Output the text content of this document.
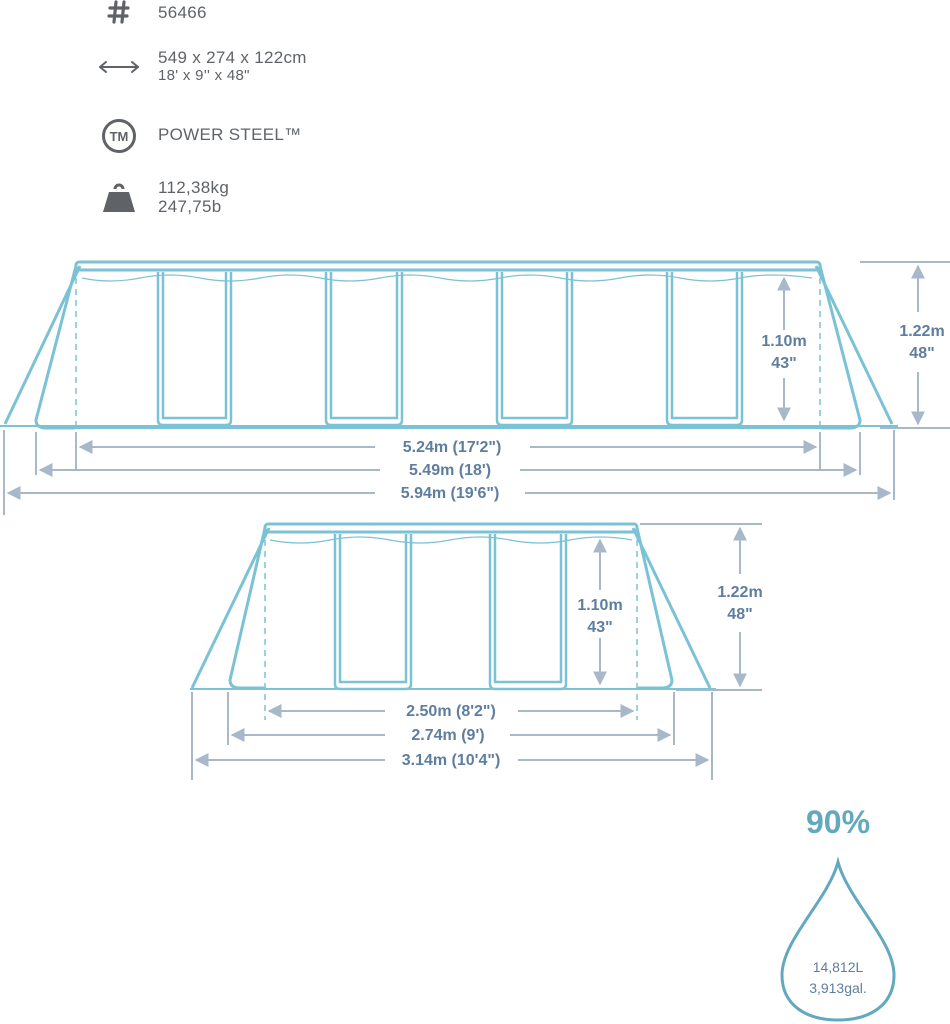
56466
549 x 274 x 122cm
18' x 9'' x 48"
TM POWER STEEL™
112,38kg
247,75b
5.24m (17'2")
5.49m (18')
5.94m (19'6")
1.10m
43"
1.22m
48"
2.50m (8'2")
2.74m (9')
3.14m (10'4")
1.10m
43"
1.22m
48"
90%
14,812L
3,913gal.
